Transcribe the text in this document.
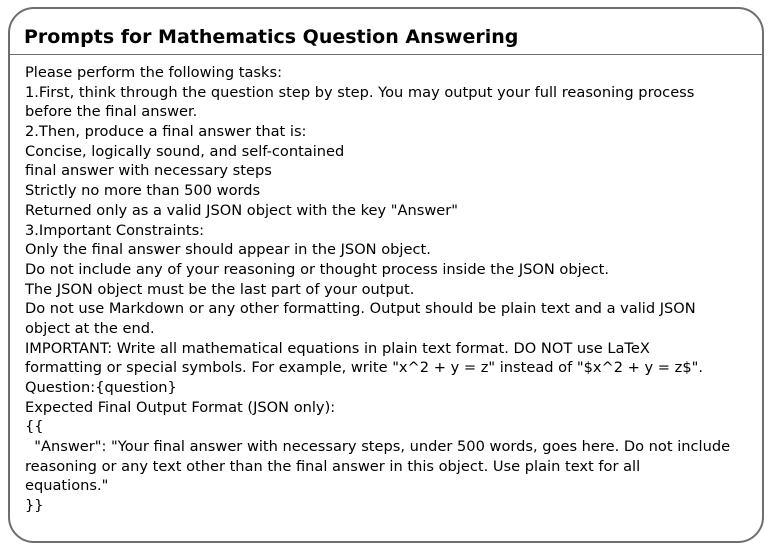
Prompts for Mathematics Question Answering
Please perform the following tasks:
1.First, think through the question step by step. You may output your full reasoning process
before the final answer.
2.Then, produce a final answer that is:
Concise, logically sound, and self-contained
final answer with necessary steps
Strictly no more than 500 words
Returned only as a valid JSON object with the key "Answer"
3.Important Constraints:
Only the final answer should appear in the JSON object.
Do not include any of your reasoning or thought process inside the JSON object.
The JSON object must be the last part of your output.
Do not use Markdown or any other formatting. Output should be plain text and a valid JSON
object at the end.
IMPORTANT: Write all mathematical equations in plain text format. DO NOT use LaTeX
formatting or special symbols. For example, write "x^2 + y = z" instead of "$x^2 + y = z$".
Question:{question}
Expected Final Output Format (JSON only):
{{
"Answer": "Your final answer with necessary steps, under 500 words, goes here. Do not include
reasoning or any text other than the final answer in this object. Use plain text for all
equations."
}}
